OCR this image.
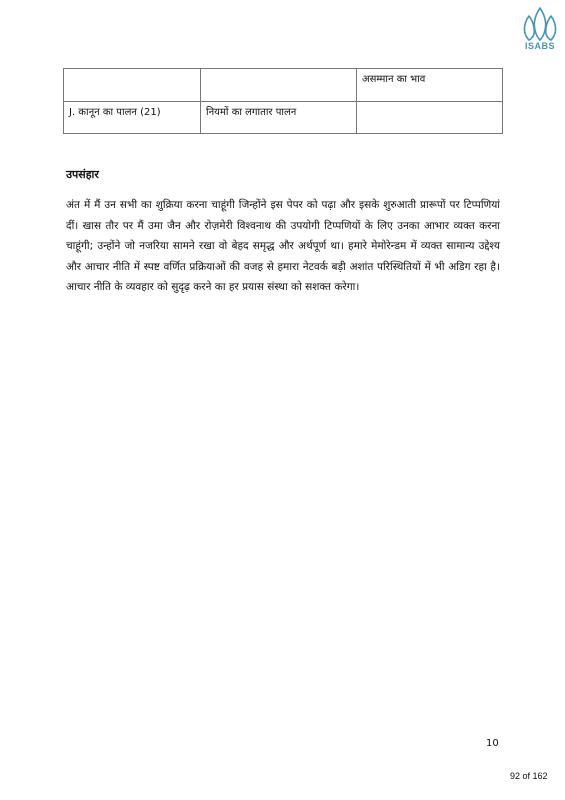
ISABS
		असम्मान का भाव
J. कानून का पालन (21)	नियमों का लगातार पालन	
उपसंहार

अंत में मैं उन सभी का शुक्रिया करना चाहूंगी जिन्होंने इस पेपर को पढ़ा और इसके शुरुआती प्रारूपों पर टिप्पणियां दीं। खास तौर पर मैं उमा जैन और रोज़मेरी विश्वनाथ की उपयोगी टिप्पणियों के लिए उनका आभार व्यक्त करना चाहूंगी; उन्होंने जो नजरिया सामने रखा वो बेहद समृद्ध और अर्थपूर्ण था। हमारे मेमोरेन्डम में व्यक्त सामान्य उद्देश्य और आचार नीति में स्पष्ट वर्णित प्रक्रियाओं की वजह से हमारा नेटवर्क बड़ी अशांत परिस्थितियों में भी अडिग रहा है। आचार नीति के व्यवहार को सुदृढ़ करने का हर प्रयास संस्था को सशक्त करेगा।

10
92 of 162
